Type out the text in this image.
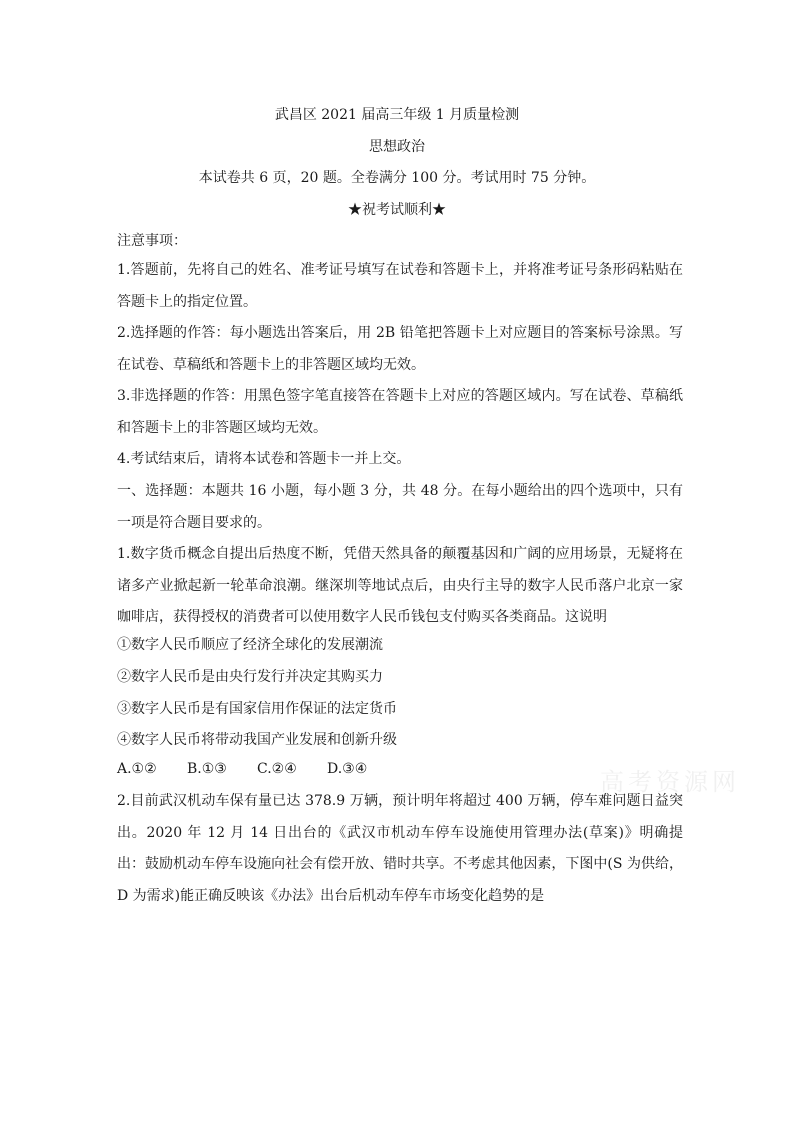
武昌区 2021 届高三年级 1 月质量检测
思想政治
本试卷共 6 页，20 题。全卷满分 100 分。考试用时 75 分钟。
★祝考试顺利★
注意事项：
1.答题前，先将自己的姓名、准考证号填写在试卷和答题卡上，并将准考证号条形码粘贴在答题卡上的指定位置。
2.选择题的作答：每小题选出答案后，用 2B 铅笔把答题卡上对应题目的答案标号涂黑。写在试卷、草稿纸和答题卡上的非答题区域均无效。
3.非选择题的作答：用黑色签字笔直接答在答题卡上对应的答题区域内。写在试卷、草稿纸和答题卡上的非答题区域均无效。
4.考试结束后，请将本试卷和答题卡一并上交。
一、选择题：本题共 16 小题，每小题 3 分，共 48 分。在每小题给出的四个选项中，只有一项是符合题目要求的。
1.数字货币概念自提出后热度不断，凭借天然具备的颠覆基因和广阔的应用场景，无疑将在诸多产业掀起新一轮革命浪潮。继深圳等地试点后，由央行主导的数字人民币落户北京一家咖啡店，获得授权的消费者可以使用数字人民币钱包支付购买各类商品。这说明
①数字人民币顺应了经济全球化的发展潮流
②数字人民币是由央行发行并决定其购买力
③数字人民币是有国家信用作保证的法定货币
④数字人民币将带动我国产业发展和创新升级
A.①② B.①③ C.②④ D.③④	高考资源网
2.目前武汉机动车保有量已达 378.9 万辆，预计明年将超过 400 万辆，停车难问题日益突出。2020 年 12 月 14 日出台的《武汉市机动车停车设施使用管理办法(草案)》明确提出：鼓励机动车停车设施向社会有偿开放、错时共享。不考虑其他因素，下图中(S 为供给，D 为需求)能正确反映该《办法》出台后机动车停车市场变化趋势的是
